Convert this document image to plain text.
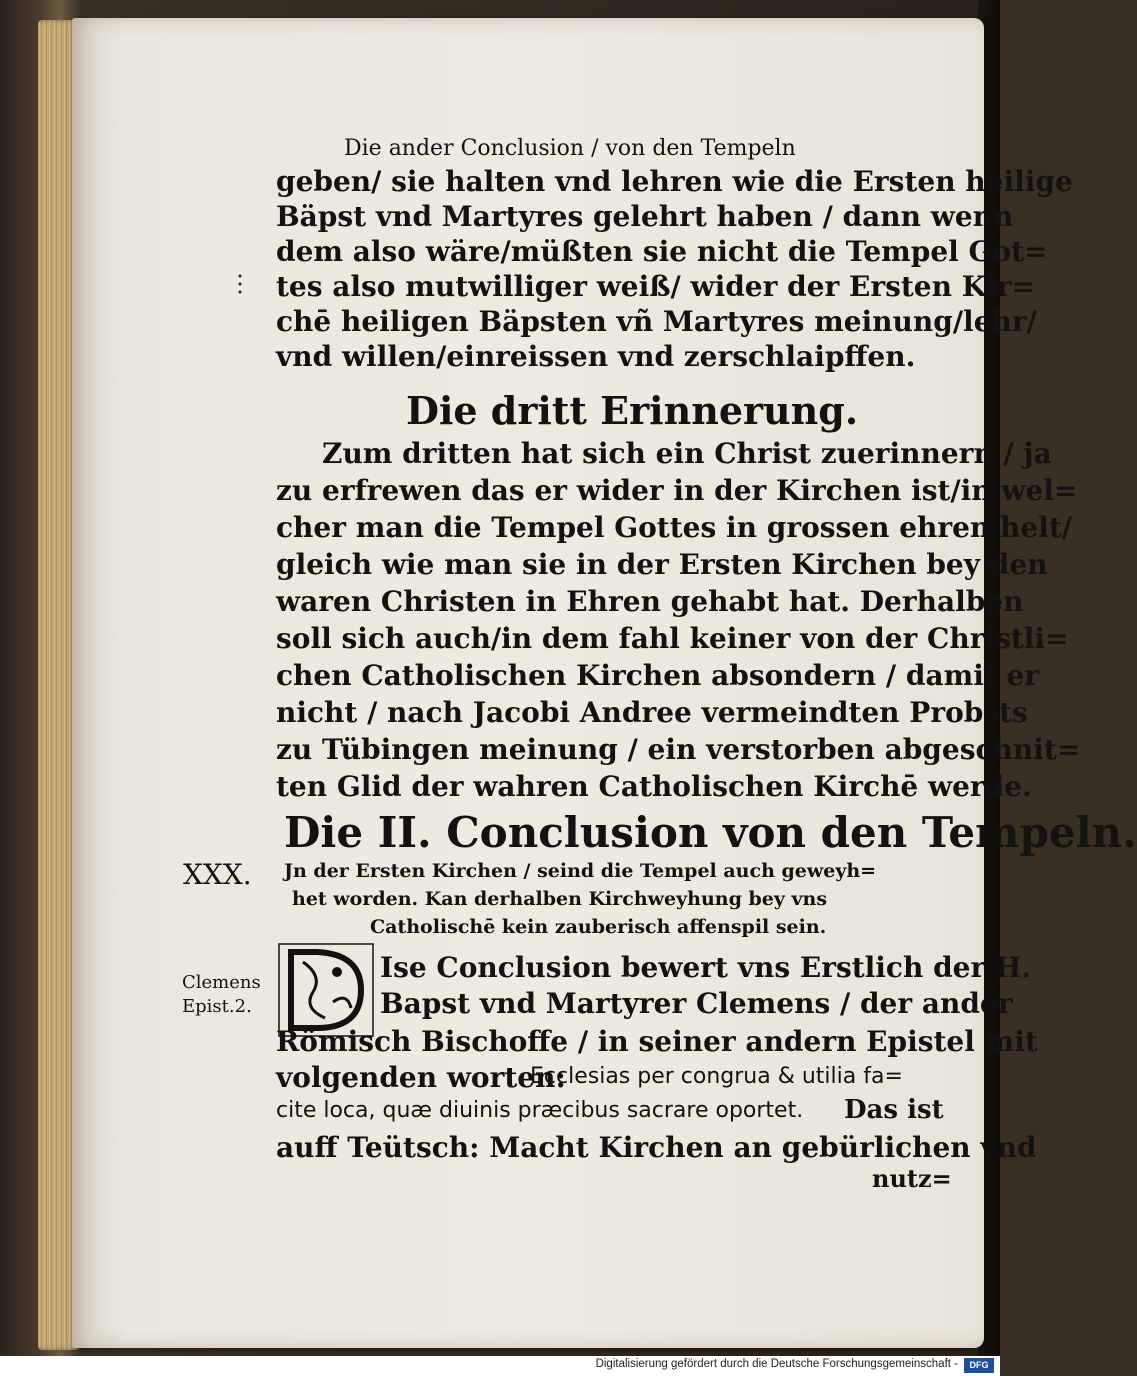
Die ander Conclusion / von den Tempeln
geben/ sie halten vnd lehren wie die Ersten heilige
Bäpst vnd Martyres gelehrt haben / dann wenn
dem also wäre/müßten sie nicht die Tempel Got=
tes also mutwilliger weiß/ wider der Ersten Kir=
chē heiligen Bäpsten vñ Martyres meinung/lehr/
vnd willen/einreissen vnd zerschlaipffen.
Die dritt Erinnerung.
Zum dritten hat sich ein Christ zuerinnern / ja
zu erfrewen das er wider in der Kirchen ist/in wel=
cher man die Tempel Gottes in grossen ehren helt/
gleich wie man sie in der Ersten Kirchen bey den
waren Christen in Ehren gehabt hat. Derhalben
soll sich auch/in dem fahl keiner von der Christli=
chen Catholischen Kirchen absondern / damit er
nicht / nach Jacobi Andree vermeindten Probsts
zu Tübingen meinung / ein verstorben abgeschnit=
ten Glid der wahren Catholischen Kirchē werde.
Die II. Conclusion von den Tempeln.
XXX. Jn der Ersten Kirchen / seind die Tempel auch geweyh=
het worden. Kan derhalben Kirchweyhung bey vns
Catholischē kein zauberisch affenspil sein.
Clemens
Epist.2.	D
Ise Conclusion bewert vns Erstlich der H.
Bapst vnd Martyrer Clemens / der ander
Römisch Bischoffe / in seiner andern Epistel mit
volgenden worten:
Ecclesias per congrua & utilia fa=
cite loca, quæ diuinis præcibus sacrare oportet. Das ist
auff Teütsch: Macht Kirchen an gebürlichen vnd
nutz=
Digitalisierung gefördert durch die Deutsche Forschungsgemeinschaft -	DFG
